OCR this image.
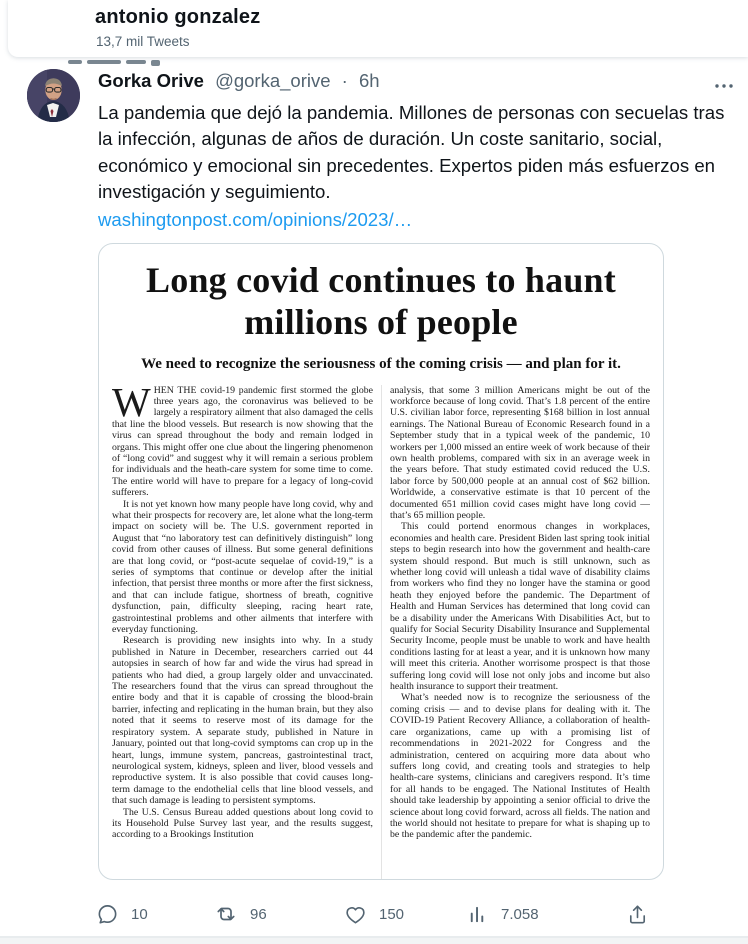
antonio gonzalez
13,7 mil Tweets
Gorka Orive @gorka_orive · 6h
La pandemia que dejó la pandemia. Millones de personas con secuelas tras la infección, algunas de años de duración. Un coste sanitario, social, económico y emocional sin precedentes. Expertos piden más esfuerzos en investigación y seguimiento.
washingtonpost.com/opinions/2023/…
Long covid continues to haunt millions of people
We need to recognize the seriousness of the coming crisis — and plan for it.

WHEN THE covid-19 pandemic first stormed the globe three years ago, the coronavirus was believed to be largely a respiratory ailment that also damaged the cells that line the blood vessels. But research is now showing that the virus can spread throughout the body and remain lodged in organs. This might offer one clue about the lingering phenomenon of “long covid” and suggest why it will remain a serious problem for individuals and the heath-care system for some time to come. The entire world will have to prepare for a legacy of long-covid sufferers.

It is not yet known how many people have long covid, why and what their prospects for recovery are, let alone what the long-term impact on society will be. The U.S. government reported in August that “no laboratory test can definitively distinguish” long covid from other causes of illness. But some general definitions are that long covid, or “post-acute sequelae of covid-19,” is a series of symptoms that continue or develop after the initial infection, that persist three months or more after the first sickness, and that can include fatigue, shortness of breath, cognitive dysfunction, pain, difficulty sleeping, racing heart rate, gastrointestinal problems and other ailments that interfere with everyday functioning.

Research is providing new insights into why. In a study published in Nature in December, researchers carried out 44 autopsies in search of how far and wide the virus had spread in patients who had died, a group largely older and unvaccinated. The researchers found that the virus can spread throughout the entire body and that it is capable of crossing the blood-brain barrier, infecting and replicating in the human brain, but they also noted that it seems to reserve most of its damage for the respiratory system. A separate study, published in Nature in January, pointed out that long-covid symptoms can crop up in the heart, lungs, immune system, pancreas, gastrointestinal tract, neurological system, kidneys, spleen and liver, blood vessels and reproductive system. It is also possible that covid causes long-term damage to the endothelial cells that line blood vessels, and that such damage is leading to persistent symptoms.

The U.S. Census Bureau added questions about long covid to its Household Pulse Survey last year, and the results suggest, according to a Brookings Institution

analysis, that some 3 million Americans might be out of the workforce because of long covid. That’s 1.8 percent of the entire U.S. civilian labor force, representing $168 billion in lost annual earnings. The National Bureau of Economic Research found in a September study that in a typical week of the pandemic, 10 workers per 1,000 missed an entire week of work because of their own health problems, compared with six in an average week in the years before. That study estimated covid reduced the U.S. labor force by 500,000 people at an annual cost of $62 billion. Worldwide, a conservative estimate is that 10 percent of the documented 651 million covid cases might have long covid — that’s 65 million people.

This could portend enormous changes in workplaces, economies and health care. President Biden last spring took initial steps to begin research into how the government and health-care system should respond. But much is still unknown, such as whether long covid will unleash a tidal wave of disability claims from workers who find they no longer have the stamina or good heath they enjoyed before the pandemic. The Department of Health and Human Services has determined that long covid can be a disability under the Americans With Disabilities Act, but to qualify for Social Security Disability Insurance and Supplemental Security Income, people must be unable to work and have health conditions lasting for at least a year, and it is unknown how many will meet this criteria. Another worrisome prospect is that those suffering long covid will lose not only jobs and income but also health insurance to support their treatment.

What’s needed now is to recognize the seriousness of the coming crisis — and to devise plans for dealing with it. The COVID-19 Patient Recovery Alliance, a collaboration of health-care organizations, came up with a promising list of recommendations in 2021-2022 for Congress and the administration, centered on acquiring more data about who suffers long covid, and creating tools and strategies to help health-care systems, clinicians and caregivers respond. It’s time for all hands to be engaged. The National Institutes of Health should take leadership by appointing a senior official to drive the science about long covid forward, across all fields. The nation and the world should not hesitate to prepare for what is shaping up to be the pandemic after the pandemic.

10	96	150	7.058
